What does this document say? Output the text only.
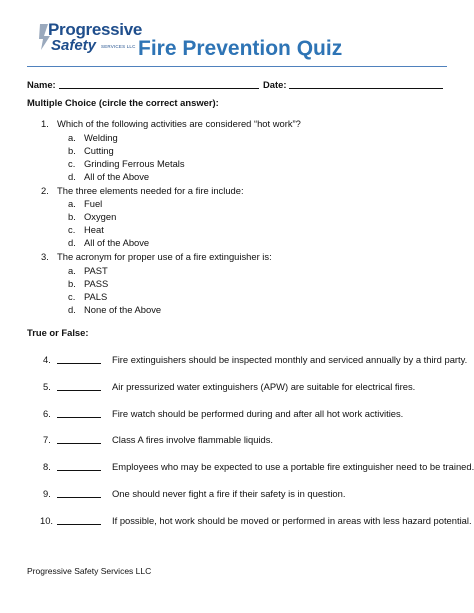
Progressive
Safety SERVICES LLC Fire Prevention Quiz
Name:	Date:
Multiple Choice (circle the correct answer):
1. Which of the following activities are considered “hot work”?
a. Welding
b. Cutting
c. Grinding Ferrous Metals
d. All of the Above
2. The three elements needed for a fire include:
a. Fuel
b. Oxygen
c. Heat
d. All of the Above
3. The acronym for proper use of a fire extinguisher is:
a. PAST
b. PASS
c. PALS
d. None of the Above
True or False:
4.	Fire extinguishers should be inspected monthly and serviced annually by a third party.
5.	Air pressurized water extinguishers (APW) are suitable for electrical fires.
6.	Fire watch should be performed during and after all hot work activities.
7.	Class A fires involve flammable liquids.
8.	Employees who may be expected to use a portable fire extinguisher need to be trained.
9.	One should never fight a fire if their safety is in question.
10.	If possible, hot work should be moved or performed in areas with less hazard potential.
Progressive Safety Services LLC
